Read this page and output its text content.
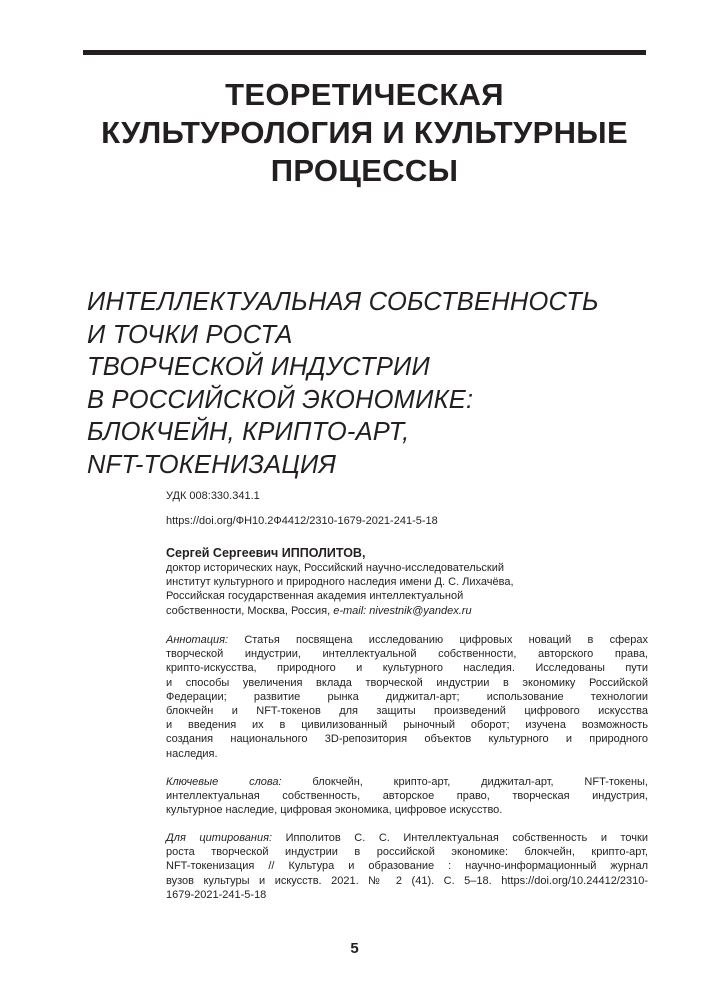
ТЕОРЕТИЧЕСКАЯ
КУЛЬТУРОЛОГИЯ И КУЛЬТУРНЫЕ
ПРОЦЕССЫ
ИНТЕЛЛЕКТУАЛЬНАЯ СОБСТВЕННОСТЬ
И ТОЧКИ РОСТА
ТВОРЧЕСКОЙ ИНДУСТРИИ
В РОССИЙСКОЙ ЭКОНОМИКЕ:
БЛОКЧЕЙН, КРИПТО-АРТ,
NFT-ТОКЕНИЗАЦИЯ
УДК 008:330.341.1
https://doi.org/ФН10.2Ф4412/2310-1679-2021-241-5-18
Сергей Сергеевич ИППОЛИТОВ,
доктор исторических наук, Российский научно-исследовательский
институт культурного и природного наследия имени Д. С. Лихачёва,
Российская государственная академия интеллектуальной
собственности, Москва, Россия, e-mail: nivestnik@yandex.ru
Аннотация: Статья посвящена исследованию цифровых новаций в сферах
творческой индустрии, интеллектуальной собственности, авторского права,
крипто-искусства, природного и культурного наследия. Исследованы пути
и способы увеличения вклада творческой индустрии в экономику Российской
Федерации; развитие рынка диджитал-арт; использование технологии
блокчейн и NFT-токенов для защиты произведений цифрового искусства
и введения их в цивилизованный рыночный оборот; изучена возможность
создания национального 3D-репозитория объектов культурного и природного
наследия.
Ключевые слова: блокчейн, крипто-арт, диджитал-арт, NFT-токены,
интеллектуальная собственность, авторское право, творческая индустрия,
культурное наследие, цифровая экономика, цифровое искусство.
Для цитирования: Ипполитов С. С. Интеллектуальная собственность и точки
роста творческой индустрии в российской экономике: блокчейн, крипто-арт,
NFT-токенизация // Культура и образование : научно-информационный журнал
вузов культуры и искусств. 2021. № 2 (41). С. 5–18. https://doi.org/10.24412/2310-
1679-2021-241-5-18
5
